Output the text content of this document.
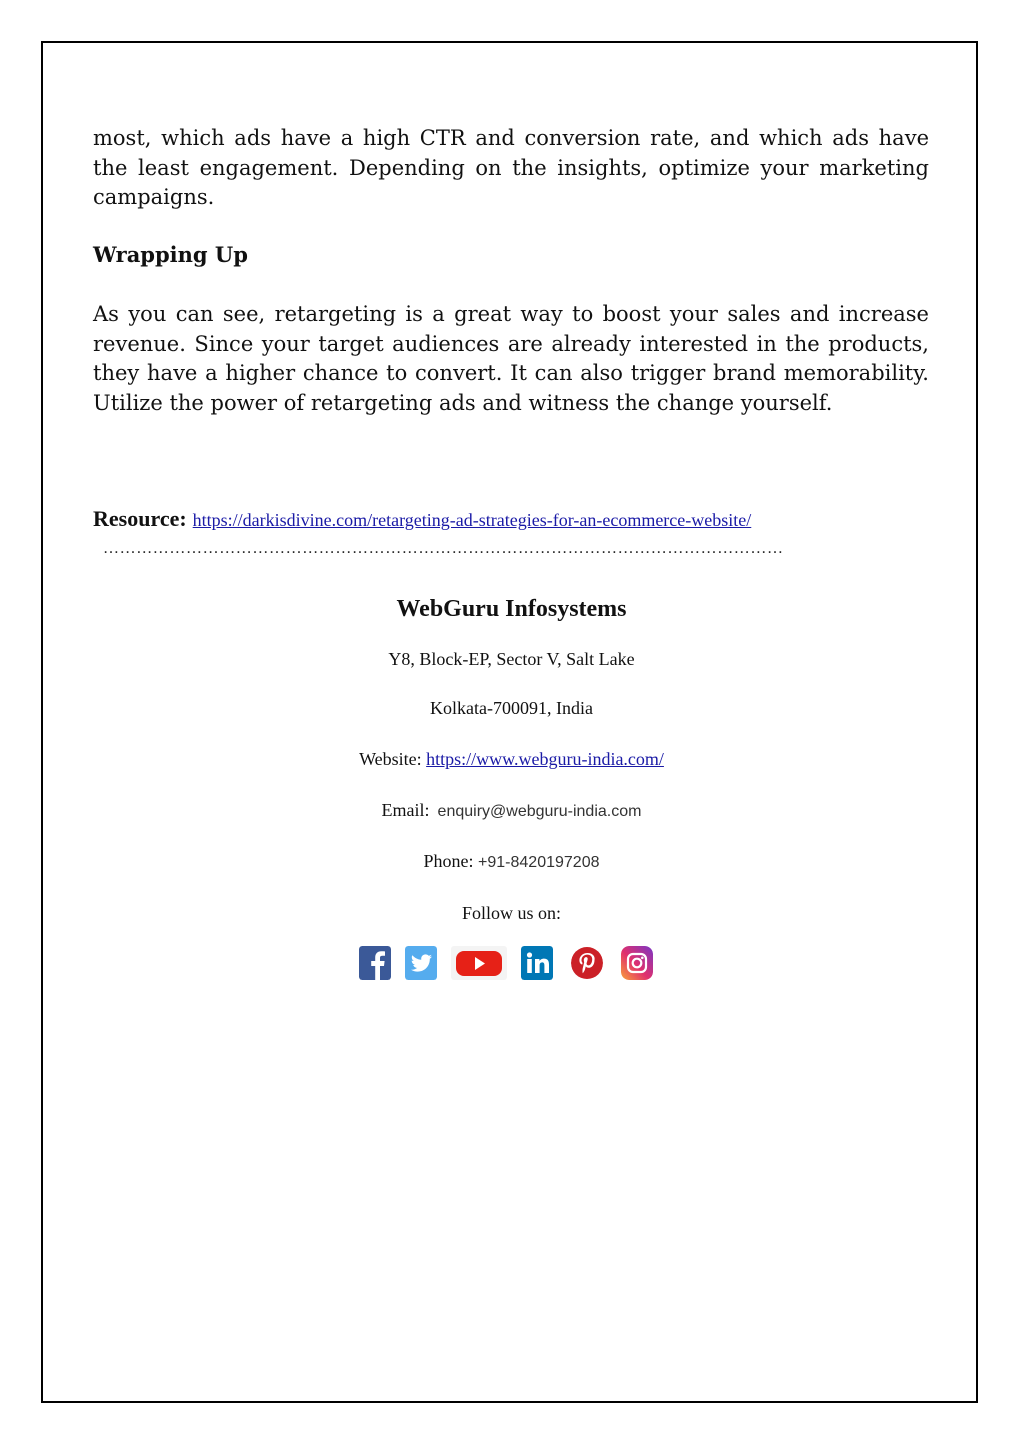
most, which ads have a high CTR and conversion rate, and which ads have the least engagement. Depending on the insights, optimize your marketing campaigns.

Wrapping Up

As you can see, retargeting is a great way to boost your sales and increase revenue. Since your target audiences are already interested in the products, they have a higher chance to convert. It can also trigger brand memorability. Utilize the power of retargeting ads and witness the change yourself.

Resource: https://darkisdivine.com/retargeting-ad-strategies-for-an-ecommerce-website/

……………………………………………………………………………………………………………

WebGuru Infosystems

Y8, Block-EP, Sector V, Salt Lake

Kolkata-700091, India

Website: https://www.webguru-india.com/

Email: enquiry@webguru-india.com

Phone: +91-8420197208

Follow us on:
